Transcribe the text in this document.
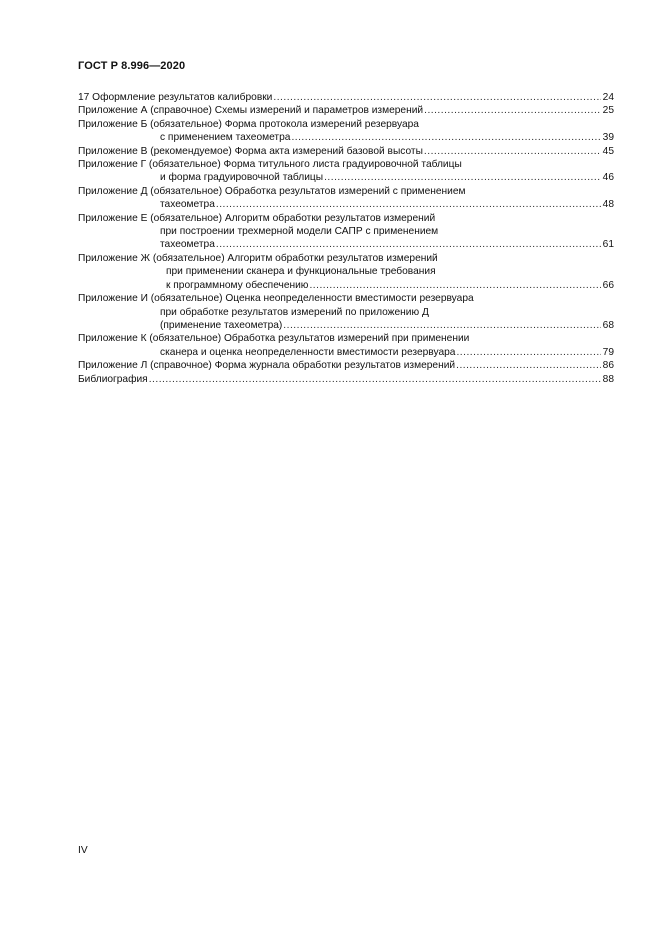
ГОСТ Р 8.996—2020
17 Оформление результатов калибровки .....	24
Приложение А (справочное) Схемы измерений и параметров измерений .....	25
Приложение Б (обязательное) Форма протокола измерений резервуара
с применением тахеометра .....	39
Приложение В (рекомендуемое) Форма акта измерений базовой высоты .....	45
Приложение Г (обязательное) Форма титульного листа градуировочной таблицы
и форма градуировочной таблицы .....	46
Приложение Д (обязательное) Обработка результатов измерений с применением
тахеометра .....	48
Приложение Е (обязательное) Алгоритм обработки результатов измерений
при построении трехмерной модели САПР с применением
тахеометра .....	61
Приложение Ж (обязательное) Алгоритм обработки результатов измерений
при применении сканера и функциональные требования
к программному обеспечению .....	66
Приложение И (обязательное) Оценка неопределенности вместимости резервуара
при обработке результатов измерений по приложению Д
(применение тахеометра) .....	68
Приложение К (обязательное) Обработка результатов измерений при применении
сканера и оценка неопределенности вместимости резервуара .....	79
Приложение Л (справочное) Форма журнала обработки результатов измерений .....	86
Библиография .....	88
IV
